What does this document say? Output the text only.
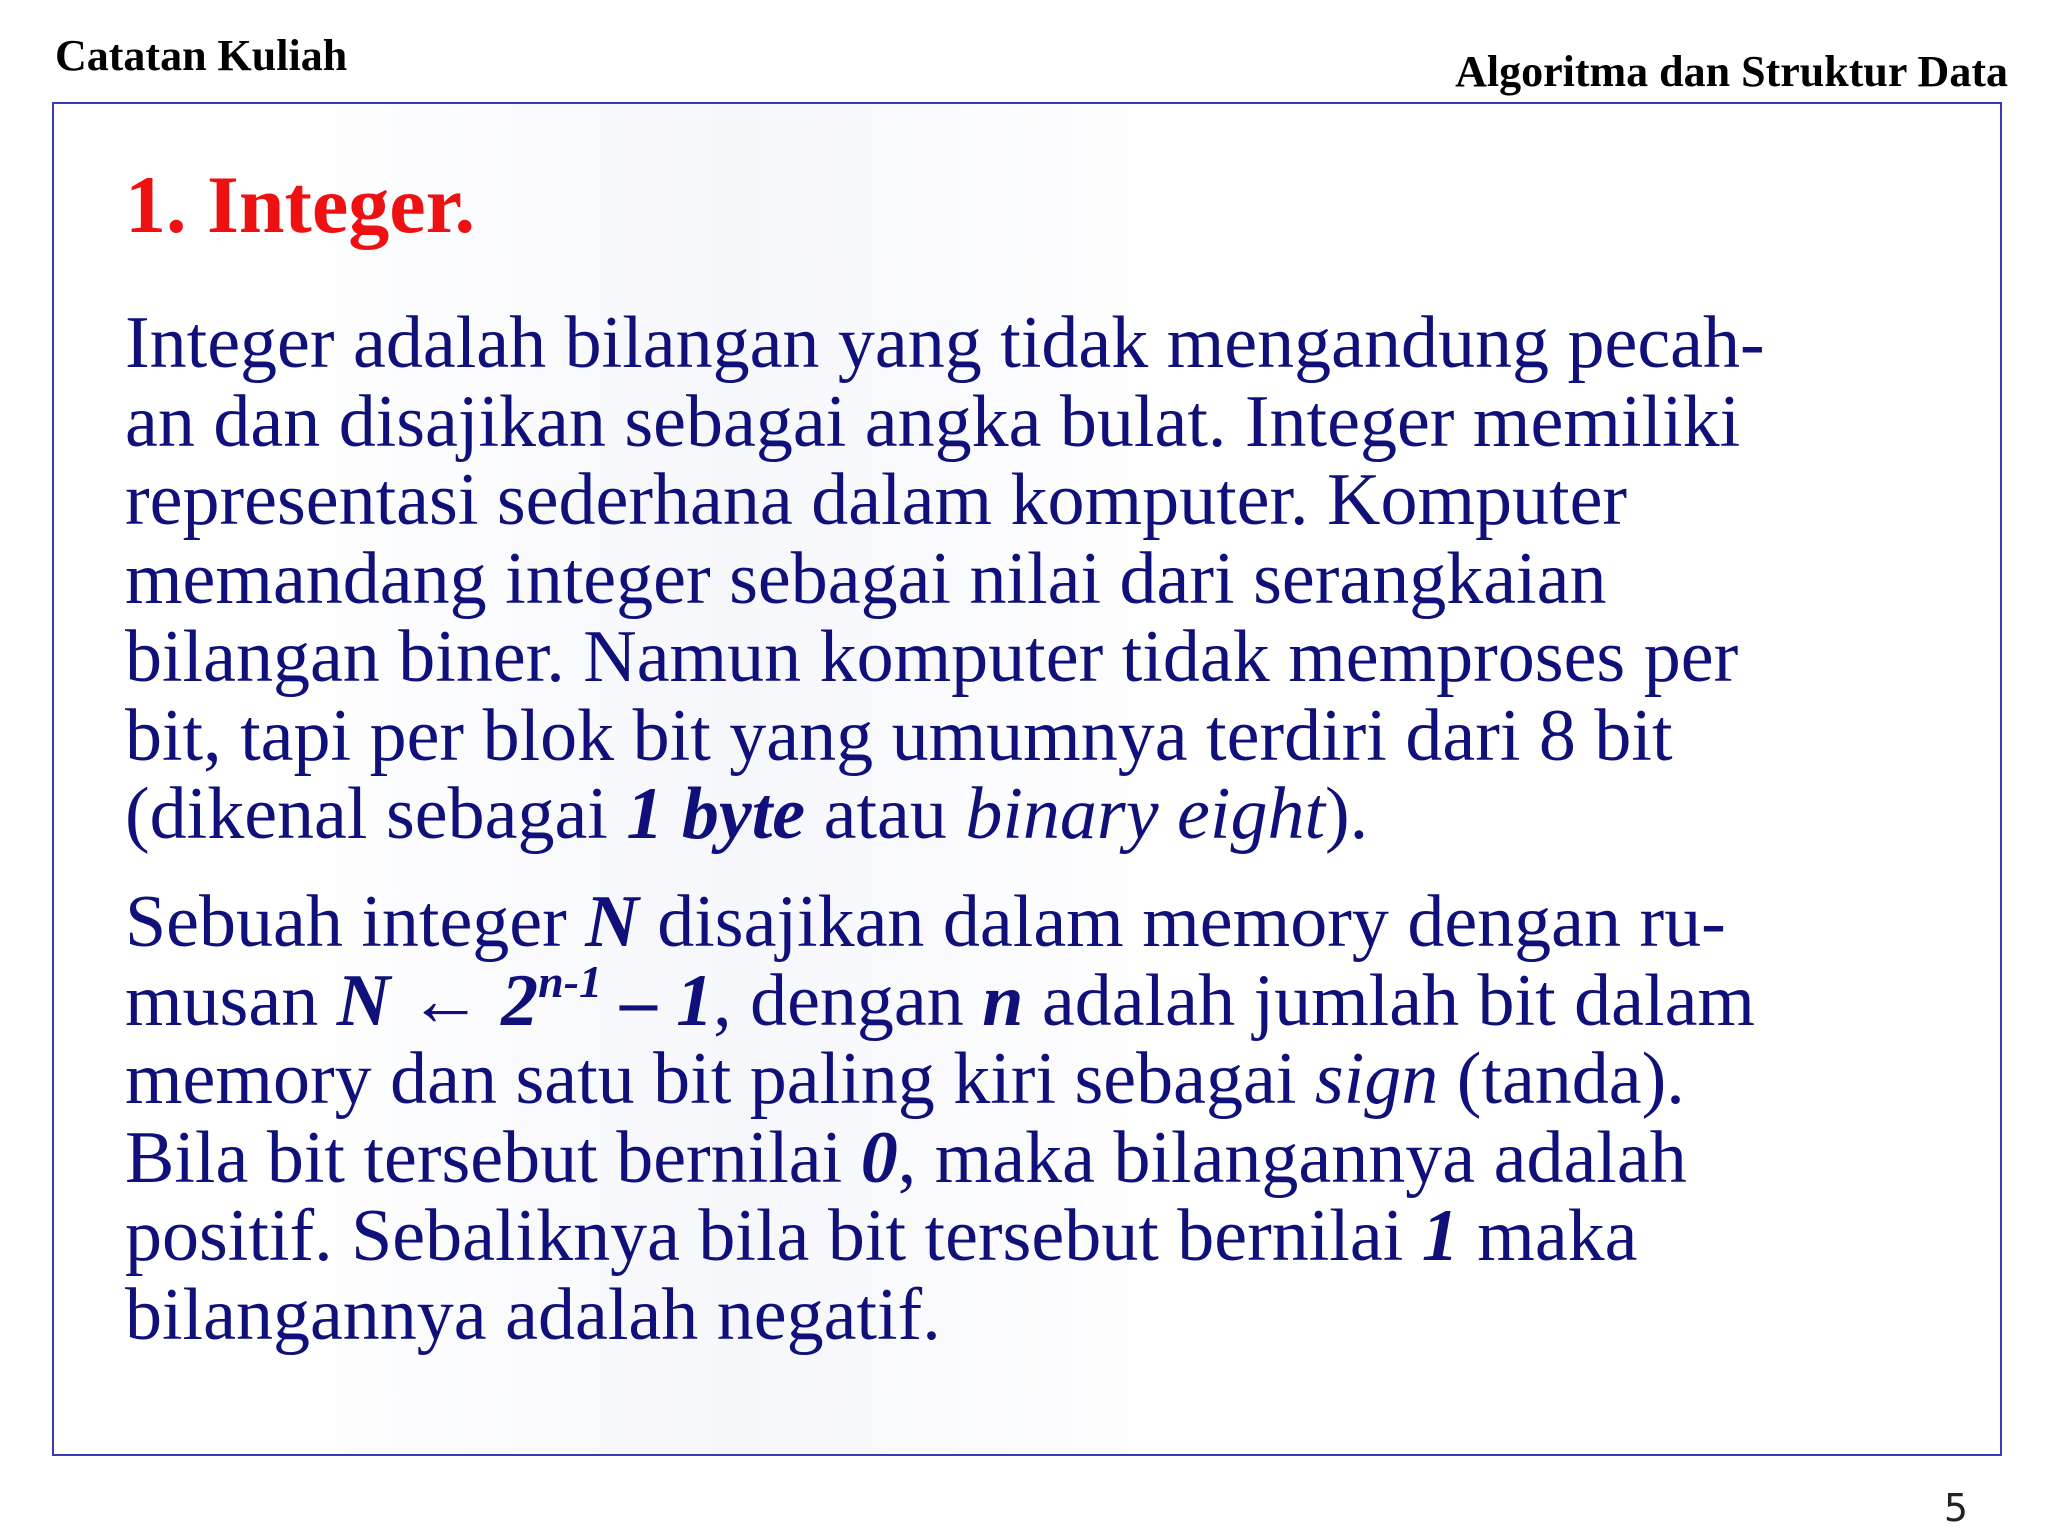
Catatan Kuliah	Algoritma dan Struktur Data
1. Integer.
Integer adalah bilangan yang tidak mengandung pecah-
an dan disajikan sebagai angka bulat. Integer memiliki
representasi sederhana dalam komputer. Komputer
memandang integer sebagai nilai dari serangkaian
bilangan biner. Namun komputer tidak memproses per
bit, tapi per blok bit yang umumnya terdiri dari 8 bit
(dikenal sebagai 1 byte atau binary eight).
Sebuah integer N disajikan dalam memory dengan ru-
musan N ← 2$^{n-1}$ – 1, dengan n adalah jumlah bit dalam
memory dan satu bit paling kiri sebagai sign (tanda).
Bila bit tersebut bernilai 0, maka bilangannya adalah
positif. Sebaliknya bila bit tersebut bernilai 1 maka
bilangannya adalah negatif.
5
